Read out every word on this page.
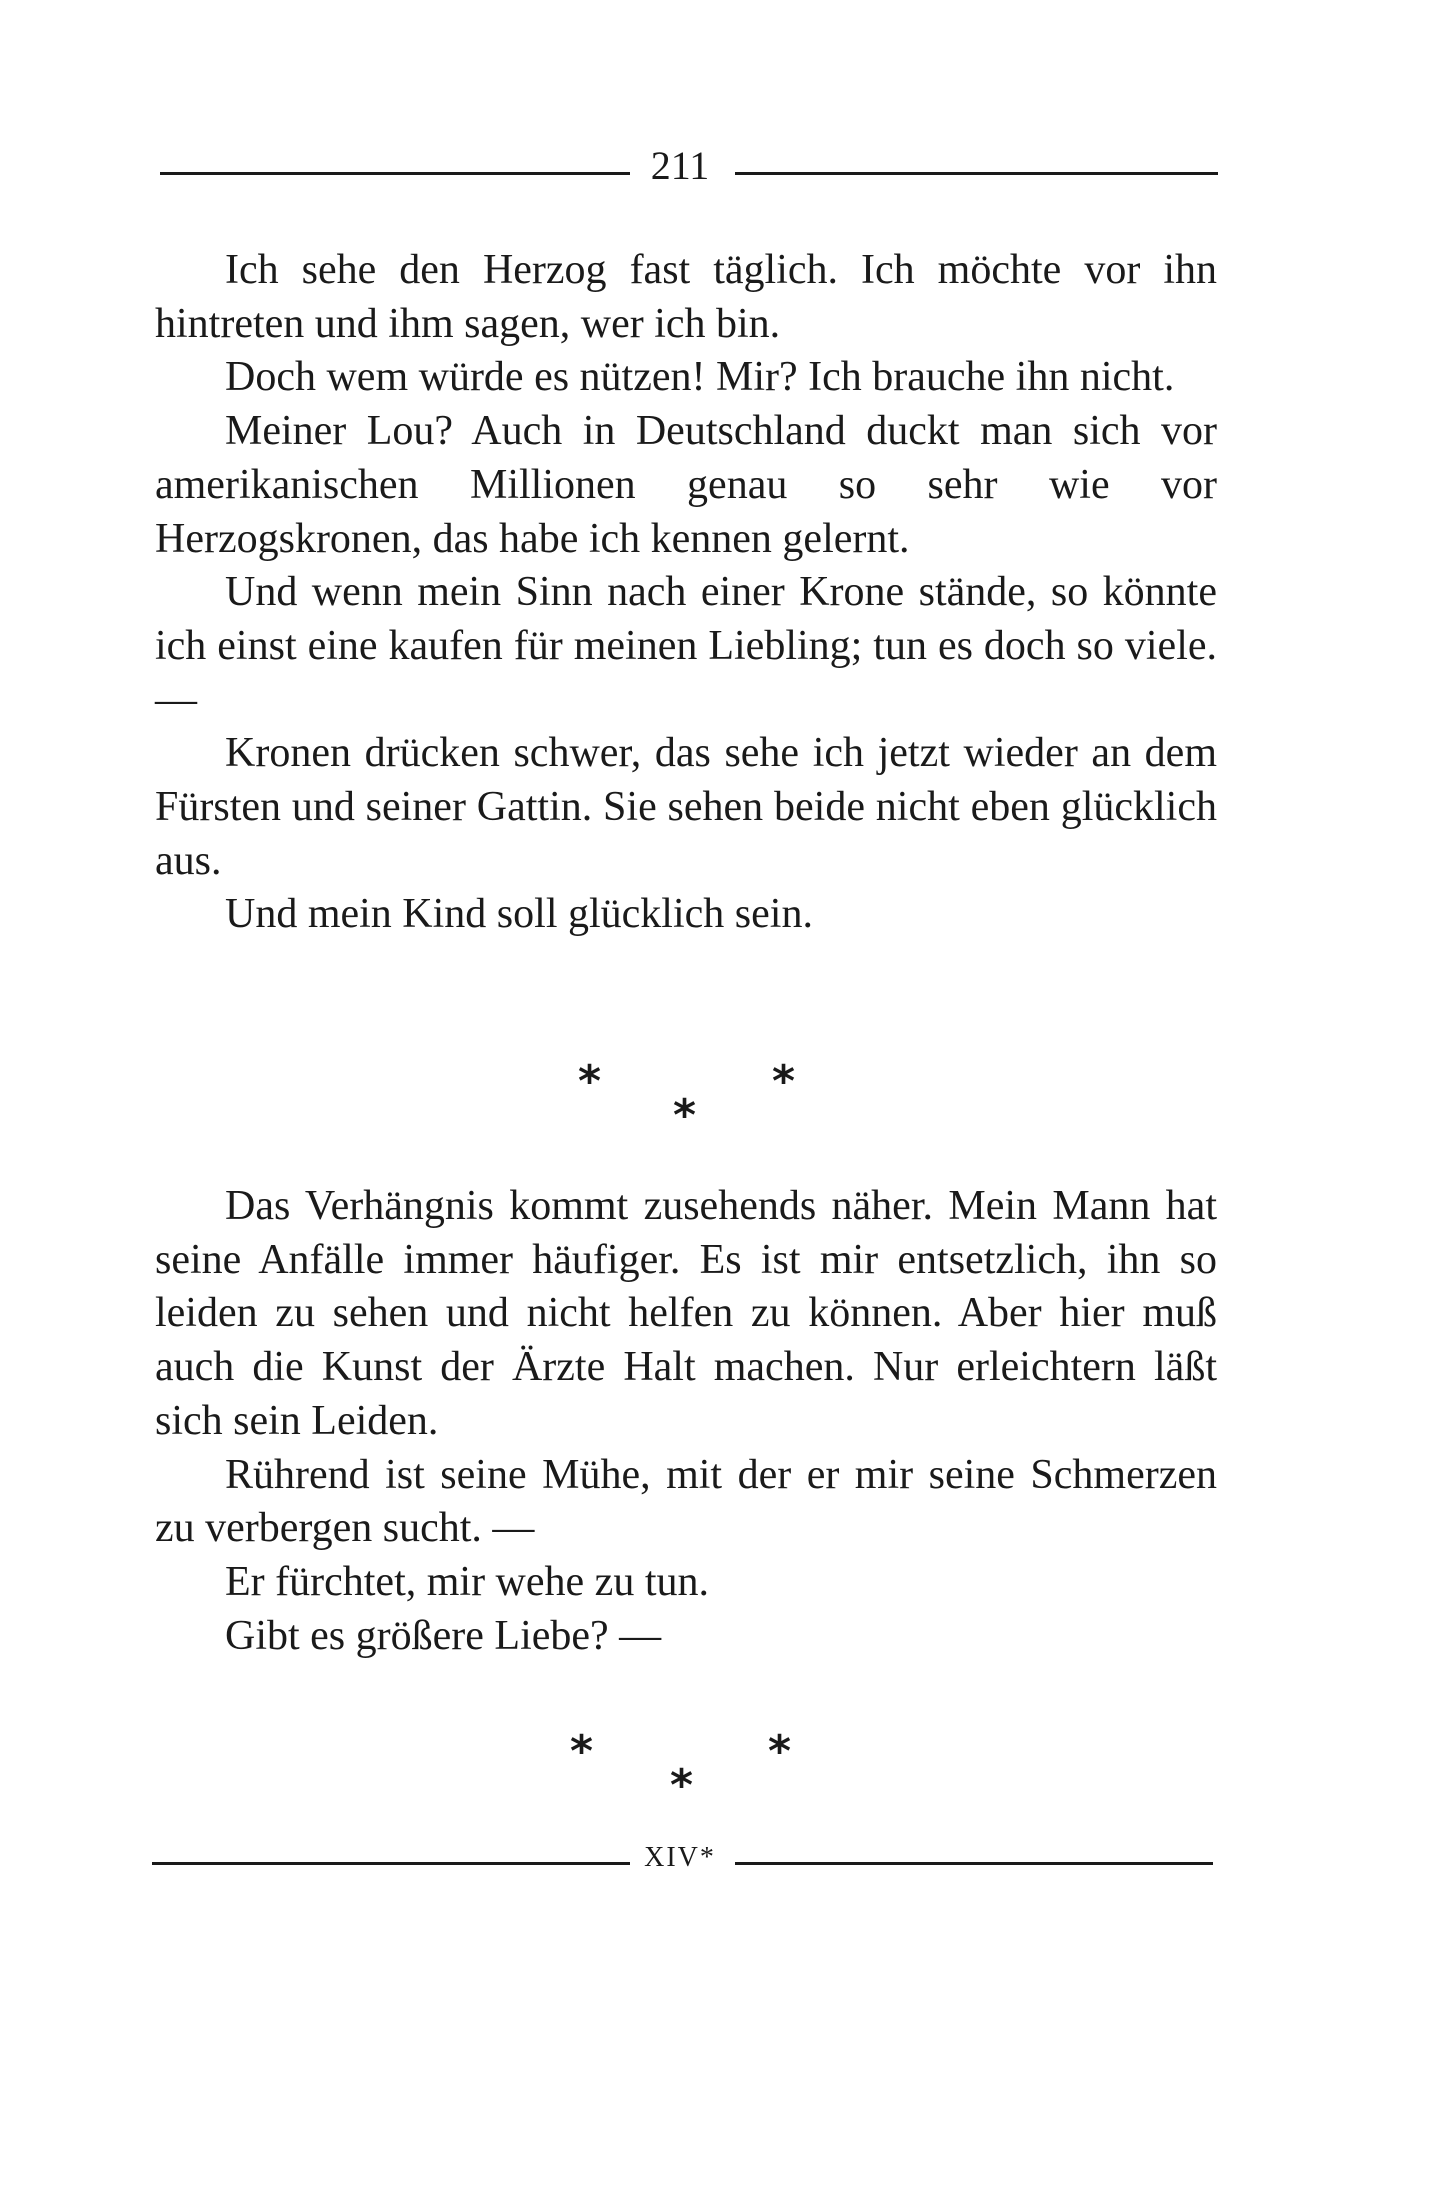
211

Ich sehe den Herzog fast täglich. Ich möchte vor ihn hintreten und ihm sagen, wer ich bin.

Doch wem würde es nützen! Mir? Ich brauche ihn nicht.

Meiner Lou? Auch in Deutschland duckt man sich vor amerikanischen Millionen genau so sehr wie vor Herzogskronen, das habe ich kennen gelernt.

Und wenn mein Sinn nach einer Krone stände, so könnte ich einst eine kaufen für meinen Liebling; tun es doch so viele. —

Kronen drücken schwer, das sehe ich jetzt wieder an dem Fürsten und seiner Gattin. Sie sehen beide nicht eben glücklich aus.

Und mein Kind soll glücklich sein.

*	*
*

Das Verhängnis kommt zusehends näher. Mein Mann hat seine Anfälle immer häufiger. Es ist mir entsetzlich, ihn so leiden zu sehen und nicht helfen zu können. Aber hier muß auch die Kunst der Ärzte Halt machen. Nur erleichtern läßt sich sein Leiden.

Rührend ist seine Mühe, mit der er mir seine Schmerzen zu verbergen sucht. —

Er fürchtet, mir wehe zu tun.

Gibt es größere Liebe? —

*	*
*
XIV*
